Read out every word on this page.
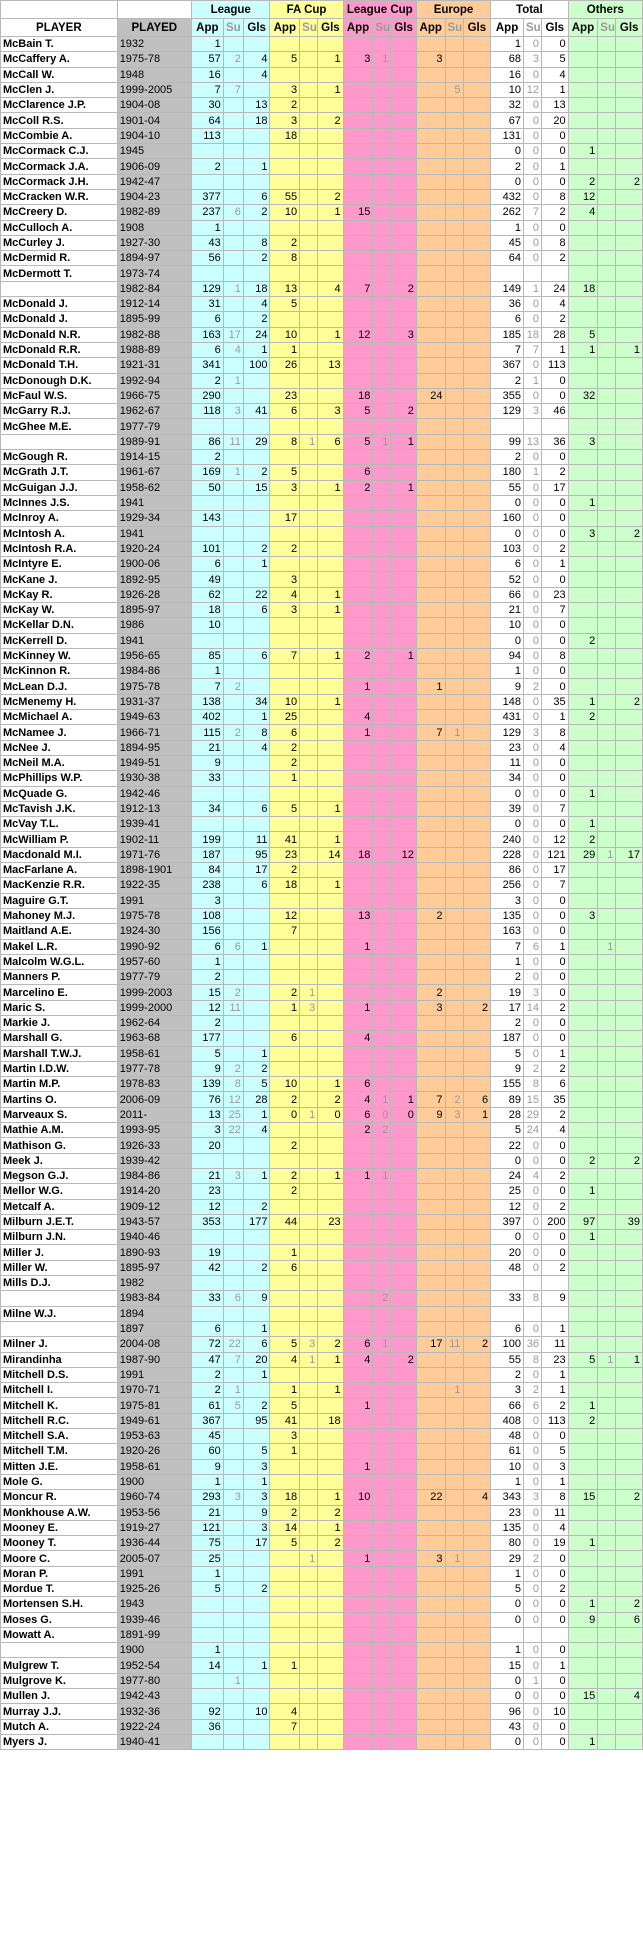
		League			FA Cup			League Cup			Europe			Total			Others		
PLAYER	PLAYED	App	Su	Gls	App	Su	Gls	App	Su	Gls	App	Su	Gls	App	Su	Gls	App	Su	Gls
McBain T.	1932	1												1	0	0			
McCaffery A.	1975-78	57	2	4	5		1	3	1		3			68	3	5			
McCall W.	1948	16		4										16	0	4			
McClen J.	1999-2005	7	7		3		1					5		10	12	1			
McClarence J.P.	1904-08	30		13	2									32	0	13			
McColl R.S.	1901-04	64		18	3		2							67	0	20			
McCombie A.	1904-10	113			18									131	0	0			
McCormack C.J.	1945													0	0	0	1		
McCormack J.A.	1906-09	2		1										2	0	1			
McCormack J.H.	1942-47													0	0	0	2		2
McCracken W.R.	1904-23	377		6	55		2							432	0	8	12		
McCreery D.	1982-89	237	6	2	10		1	15						262	7	2	4		
McCulloch A.	1908	1												1	0	0			
McCurley J.	1927-30	43		8	2									45	0	8			
McDermid R.	1894-97	56		2	8									64	0	2			
McDermott T.	1973-74																		
	1982-84	129	1	18	13		4	7		2				149	1	24	18		
McDonald J.	1912-14	31		4	5									36	0	4			
McDonald J.	1895-99	6		2										6	0	2			
McDonald N.R.	1982-88	163	17	24	10		1	12		3				185	18	28	5		
McDonald R.R.	1988-89	6	4	1	1									7	7	1	1		1
McDonald T.H.	1921-31	341		100	26		13							367	0	113			
McDonough D.K.	1992-94	2	1											2	1	0			
McFaul W.S.	1966-75	290			23			18			24			355	0	0	32		
McGarry R.J.	1962-67	118	3	41	6		3	5		2				129	3	46			
McGhee M.E.	1977-79																		
	1989-91	86	11	29	8	1	6	5	1	1				99	13	36	3		
McGough R.	1914-15	2												2	0	0			
McGrath J.T.	1961-67	169	1	2	5			6						180	1	2			
McGuigan J.J.	1958-62	50		15	3		1	2		1				55	0	17			
McInnes J.S.	1941													0	0	0	1		
McInroy A.	1929-34	143			17									160	0	0			
McIntosh A.	1941													0	0	0	3		2
McIntosh R.A.	1920-24	101		2	2									103	0	2			
McIntyre E.	1900-06	6		1										6	0	1			
McKane J.	1892-95	49			3									52	0	0			
McKay R.	1926-28	62		22	4		1							66	0	23			
McKay W.	1895-97	18		6	3		1							21	0	7			
McKellar D.N.	1986	10												10	0	0			
McKerrell D.	1941													0	0	0	2		
McKinney W.	1956-65	85		6	7		1	2		1				94	0	8			
McKinnon R.	1984-86	1												1	0	0			
McLean D.J.	1975-78	7	2					1			1			9	2	0			
McMenemy H.	1931-37	138		34	10		1							148	0	35	1		2
McMichael A.	1949-63	402		1	25			4						431	0	1	2		
McNamee J.	1966-71	115	2	8	6			1			7	1		129	3	8			
McNee J.	1894-95	21		4	2									23	0	4			
McNeil M.A.	1949-51	9			2									11	0	0			
McPhillips W.P.	1930-38	33			1									34	0	0			
McQuade G.	1942-46													0	0	0	1		
McTavish J.K.	1912-13	34		6	5		1							39	0	7			
McVay T.L.	1939-41													0	0	0	1		
McWilliam P.	1902-11	199		11	41		1							240	0	12	2		
Macdonald M.I.	1971-76	187		95	23		14	18		12				228	0	121	29	1	17
MacFarlane A.	1898-1901	84		17	2									86	0	17			
MacKenzie R.R.	1922-35	238		6	18		1							256	0	7			
Maguire G.T.	1991	3												3	0	0			
Mahoney M.J.	1975-78	108			12			13			2			135	0	0	3		
Maitland A.E.	1924-30	156			7									163	0	0			
Makel L.R.	1990-92	6	6	1				1						7	6	1		1	
Malcolm W.G.L.	1957-60	1												1	0	0			
Manners P.	1977-79	2												2	0	0			
Marcelino E.	1999-2003	15	2		2	1					2			19	3	0			
Maric S.	1999-2000	12	11		1	3		1			3		2	17	14	2			
Markie J.	1962-64	2												2	0	0			
Marshall G.	1963-68	177			6			4						187	0	0			
Marshall T.W.J.	1958-61	5		1										5	0	1			
Martin I.D.W.	1977-78	9	2	2										9	2	2			
Martin M.P.	1978-83	139	8	5	10		1	6						155	8	6			
Martins O.	2006-09	76	12	28	2		2	4	1	1	7	2	6	89	15	35			
Marveaux S.	2011-	13	25	1	0	1	0	6	0	0	9	3	1	28	29	2			
Mathie A.M.	1993-95	3	22	4				2	2					5	24	4			
Mathison G.	1926-33	20			2									22	0	0			
Meek J.	1939-42													0	0	0	2		2
Megson G.J.	1984-86	21	3	1	2		1	1	1					24	4	2			
Mellor W.G.	1914-20	23			2									25	0	0	1		
Metcalf A.	1909-12	12		2										12	0	2			
Milburn J.E.T.	1943-57	353		177	44		23							397	0	200	97		39
Milburn J.N.	1940-46													0	0	0	1		
Miller J.	1890-93	19			1									20	0	0			
Miller W.	1895-97	42		2	6									48	0	2			
Mills D.J.	1982																		
	1983-84	33	6	9					2					33	8	9			
Milne W.J.	1894																		
	1897	6		1										6	0	1			
Milner J.	2004-08	72	22	6	5	3	2	6	1		17	11	2	100	36	11			
Mirandinha	1987-90	47	7	20	4	1	1	4		2				55	8	23	5	1	1
Mitchell D.S.	1991	2		1										2	0	1			
Mitchell I.	1970-71	2	1		1		1					1		3	2	1			
Mitchell K.	1975-81	61	5	2	5			1						66	6	2	1		
Mitchell R.C.	1949-61	367		95	41		18							408	0	113	2		
Mitchell S.A.	1953-63	45			3									48	0	0			
Mitchell T.M.	1920-26	60		5	1									61	0	5			
Mitten J.E.	1958-61	9		3				1						10	0	3			
Mole G.	1900	1		1										1	0	1			
Moncur R.	1960-74	293	3	3	18		1	10			22		4	343	3	8	15		2
Monkhouse A.W.	1953-56	21		9	2		2							23	0	11			
Mooney E.	1919-27	121		3	14		1							135	0	4			
Mooney T.	1936-44	75		17	5		2							80	0	19	1		
Moore C.	2005-07	25				1		1			3	1		29	2	0			
Moran P.	1991	1												1	0	0			
Mordue T.	1925-26	5		2										5	0	2			
Mortensen S.H.	1943													0	0	0	1		2
Moses G.	1939-46													0	0	0	9		6
Mowatt A.	1891-99																		
	1900	1												1	0	0			
Mulgrew T.	1952-54	14		1	1									15	0	1			
Mulgrove K.	1977-80		1											0	1	0			
Mullen J.	1942-43													0	0	0	15		4
Murray J.J.	1932-36	92		10	4									96	0	10			
Mutch A.	1922-24	36			7									43	0	0			
Myers J.	1940-41													0	0	0	1		
